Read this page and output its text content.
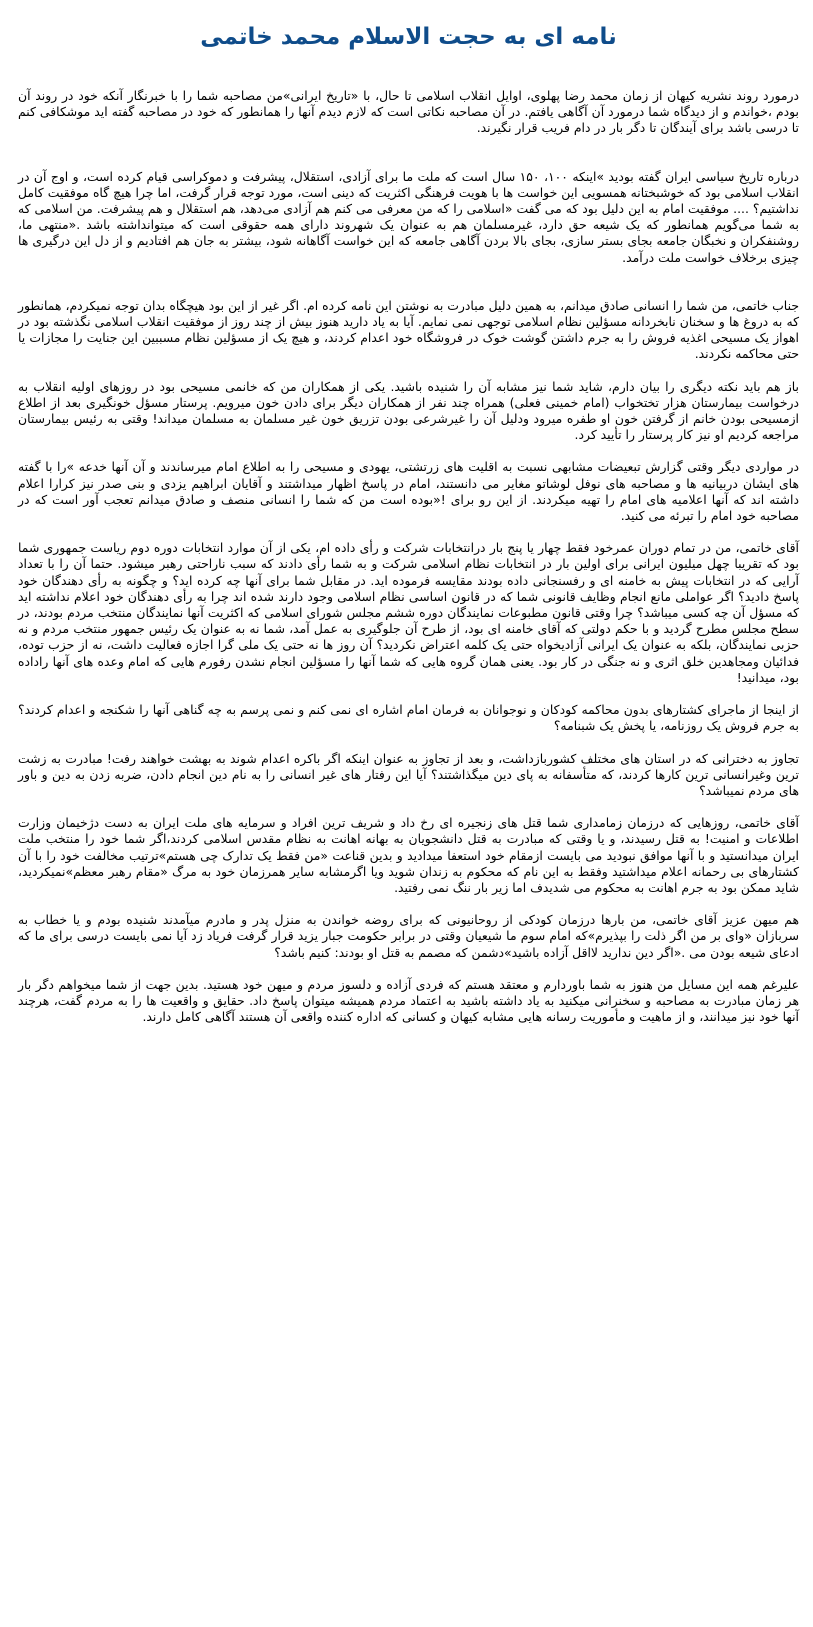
نامه ای به حجت الاسلام محمد خاتمی

درمورد روند نشریه کیهان از زمان محمد رضا پهلوی، اوایل انقلاب اسلامی تا حال، با «تاریخ ایرانی»من مصاحبه شما را با خبرنگار آنکه خود در روند آن بودم ،خواندم و از دیدگاه شما درمورد آن آگاهی یافتم. در آن مصاحبه نکاتی است که لازم دیدم آنها را همانطور که خود در مصاحبه گفته اید موشکافی کنم تا درسی باشد برای آیندگان تا دگر بار در دام فریب قرار نگیرند.

درباره تاریخ سیاسی ایران گفته بودید »اینکه ۱۰۰، ۱۵۰ سال است که ملت ما برای آزادی، استقلال، پیشرفت و دموکراسی قیام کرده است، و اوج آن در انقلاب اسلامی بود که خوشبختانه همسویی این خواست ها با هویت فرهنگی اکثریت که دینی است، مورد توجه قرار گرفت، اما چرا هیچ گاه موفقیت کامل نداشتیم؟ .... موفقیت امام به این دلیل بود که می گفت «اسلامی را که من معرفی می کنم هم آزادی می‌دهد، هم استقلال و هم پیشرفت. من اسلامی که به شما می‌گویم همانطور که یک شیعه حق دارد، غیرمسلمان هم به عنوان یک شهروند دارای همه حقوقی است که میتوانداشته باشد .«منتهی ما، روشنفکران و نخبگان جامعه بجای بستر سازی، بجای بالا بردن آگاهی جامعه که این خواست آگاهانه شود، بیشتر به جان هم افتادیم و از دل این درگیری ها چیزی برخلاف خواست ملت درآمد.

جناب خاتمی، من شما را انسانی صادق میدانم، به همین دلیل مبادرت به نوشتن این نامه کرده ام. اگر غیر از این بود هیچگاه بدان توجه نمیکردم، همانطور که به دروغ ها و سخنان نابخردانه مسؤلین نظام اسلامی توجهی نمی نمایم. آیا به یاد دارید هنوز بیش از چند روز از موفقیت انقلاب اسلامی نگذشته بود در اهواز یک مسیحی اغذیه فروش را به جرم داشتن گوشت خوک در فروشگاه خود اعدام کردند، و هیچ یک از مسؤلین نظام مسببین این جنایت را مجازات یا حتی محاکمه نکردند.

باز هم باید نکته دیگری را بیان دارم، شاید شما نیز مشابه آن را شنیده باشید. یکی از همکاران من که خانمی مسیحی بود در روزهای اولیه انقلاب به درخواست بیمارستان هزار تختخواب (امام خمینی فعلی) همراه چند نفر از همکاران دیگر برای دادن خون میرویم. پرستار مسؤل خونگیری بعد از اطلاع ازمسیحی بودن خانم از گرفتن خون او طفره میرود ودلیل آن را غیرشرعی بودن تزریق خون غیر مسلمان به مسلمان میداند! وقتی به رئیس بیمارستان مراجعه کردیم او نیز کار پرستار را تأیید کرد.

در مواردی دیگر وقتی گزارش تبعیضات مشابهی نسبت به اقلیت های زرتشتی، یهودی و مسیحی را به اطلاع امام میرساندند و آن آنها خدعه »را با گفته های ایشان دربیانیه ها و مصاحبه های نوفل لوشاتو مغایر می دانستند، امام در پاسخ اظهار میداشتند و آقایان ابراهیم یزدی و بنی صدر نیز کرارا اعلام داشته اند که آنها اعلامیه های امام را تهیه میکردند. از این رو برای !«بوده است من که شما را انسانی منصف و صادق میدانم تعجب آور است که در مصاحبه خود امام را تبرئه می کنید.

آقای خاتمی، من در تمام دوران عمرخود فقط چهار یا پنج بار درانتخابات شرکت و رأی داده ام، یکی از آن موارد انتخابات دوره دوم ریاست جمهوری شما بود که تقریبا چهل میلیون ایرانی برای اولین بار در انتخابات نظام اسلامی شرکت و به شما رأی دادند که سبب ناراحتی رهبر میشود. حتما آن را با تعداد آرایی که در انتخابات پیش به خامنه ای و رفسنجانی داده بودند مقایسه فرموده اید. در مقابل شما برای آنها چه کرده اید؟ و چگونه به رأی دهندگان خود پاسخ دادید؟ اگر عواملی مانع انجام وظایف قانونی شما که در قانون اساسی نظام اسلامی وجود دارند شده اند چرا به رأی دهندگان خود اعلام نداشته اید که مسؤل آن چه کسی میباشد؟ چرا وقتی قانون مطبوعات نمایندگان دوره ششم مجلس شورای اسلامی که اکثریت آنها نمایندگان منتخب مردم بودند، در سطح مجلس مطرح گردید و با حکم دولتی که آقای خامنه ای بود، از طرح آن جلوگیری به عمل آمد، شما نه به عنوان یک رئیس جمهور منتخب مردم و نه حزبی نمایندگان، بلکه به عنوان یک ایرانی آزادیخواه حتی یک کلمه اعتراض نکردید؟ آن روز ها نه حتی یک ملی گرا اجازه فعالیت داشت، نه از حزب توده، فدائیان ومجاهدین خلق اثری و نه جنگی در کار بود. یعنی همان گروه هایی که شما آنها را مسؤلین انجام نشدن رفورم هایی که امام وعده های آنها راداده بود، میدانید!

از اینجا از ماجرای کشتارهای بدون محاکمه کودکان و نوجوانان به فرمان امام اشاره ای نمی کنم و نمی پرسم به چه گناهی آنها را شکنجه و اعدام کردند؟ به جرم فروش یک روزنامه، یا پخش یک شبنامه؟

تجاوز به دخترانی که در استان های مختلف کشوربازداشت، و بعد از تجاوز به عنوان اینکه اگر باکره اعدام شوند به بهشت خواهند رفت! مبادرت به زشت ترین وغیرانسانی ترین کارها کردند، که متأسفانه به پای دین میگذاشتند؟ آیا این رفتار های غیر انسانی را به نام دین انجام دادن، ضربه زدن به دین و باور های مردم نمیباشد؟

آقای خاتمی، روزهایی که درزمان زمامداری شما قتل های زنجیره ای رخ داد و شریف ترین افراد و سرمایه های ملت ایران به دست دژخیمان وزارت اطلاعات و امنیت! به قتل رسیدند، و یا وقتی که مبادرت به قتل دانشجویان به بهانه اهانت به نظام مقدس اسلامی کردند،اگر شما خود را منتخب ملت ایران میدانستید و با آنها موافق نبودید می بایست ازمقام خود استعفا میدادید و بدین قناعت «من فقط یک تدارک چی هستم»ترتیب مخالفت خود را با آن کشتارهای بی رحمانه اعلام میداشتید وفقط به این نام که محکوم به زندان شوید ویا اگرمشابه سایر همرزمان خود به مرگ «مقام رهبر معظم»نمیکردید، شاید ممکن بود به جرم اهانت به محکوم می شدیدف اما زیر بار ننگ نمی رفتید.

هم میهن عزیز آقای خاتمی، من بارها درزمان کودکی از روحانیونی که برای روضه خواندن به منزل پدر و مادرم میآمدند شنیده بودم و یا خطاب به سربازان «وای بر من اگر ذلت را بپذیرم»که امام سوم ما شیعیان وقتی در برابر حکومت جبار یزید قرار گرفت فریاد زد آیا نمی بایست درسی برای ما که ادعای شیعه بودن می .«اگر دین ندارید لااقل آزاده باشید»دشمن که مصمم به قتل او بودند: کنیم باشد؟

علیرغم همه این مسایل من هنوز به شما باوردارم و معتقد هستم که فردی آزاده و دلسوز مردم و میهن خود هستید. بدین جهت از شما میخواهم دگر بار هر زمان مبادرت به مصاحبه و سخنرانی میکنید به یاد داشته باشید به اعتماد مردم همیشه میتوان پاسخ داد. حقایق و واقعیت ها را به مردم گفت، هرچند آنها خود نیز میدانند، و از ماهیت و مأموریت رسانه هایی مشابه کیهان و کسانی که اداره کننده واقعی آن هستند آگاهی کامل دارند.
